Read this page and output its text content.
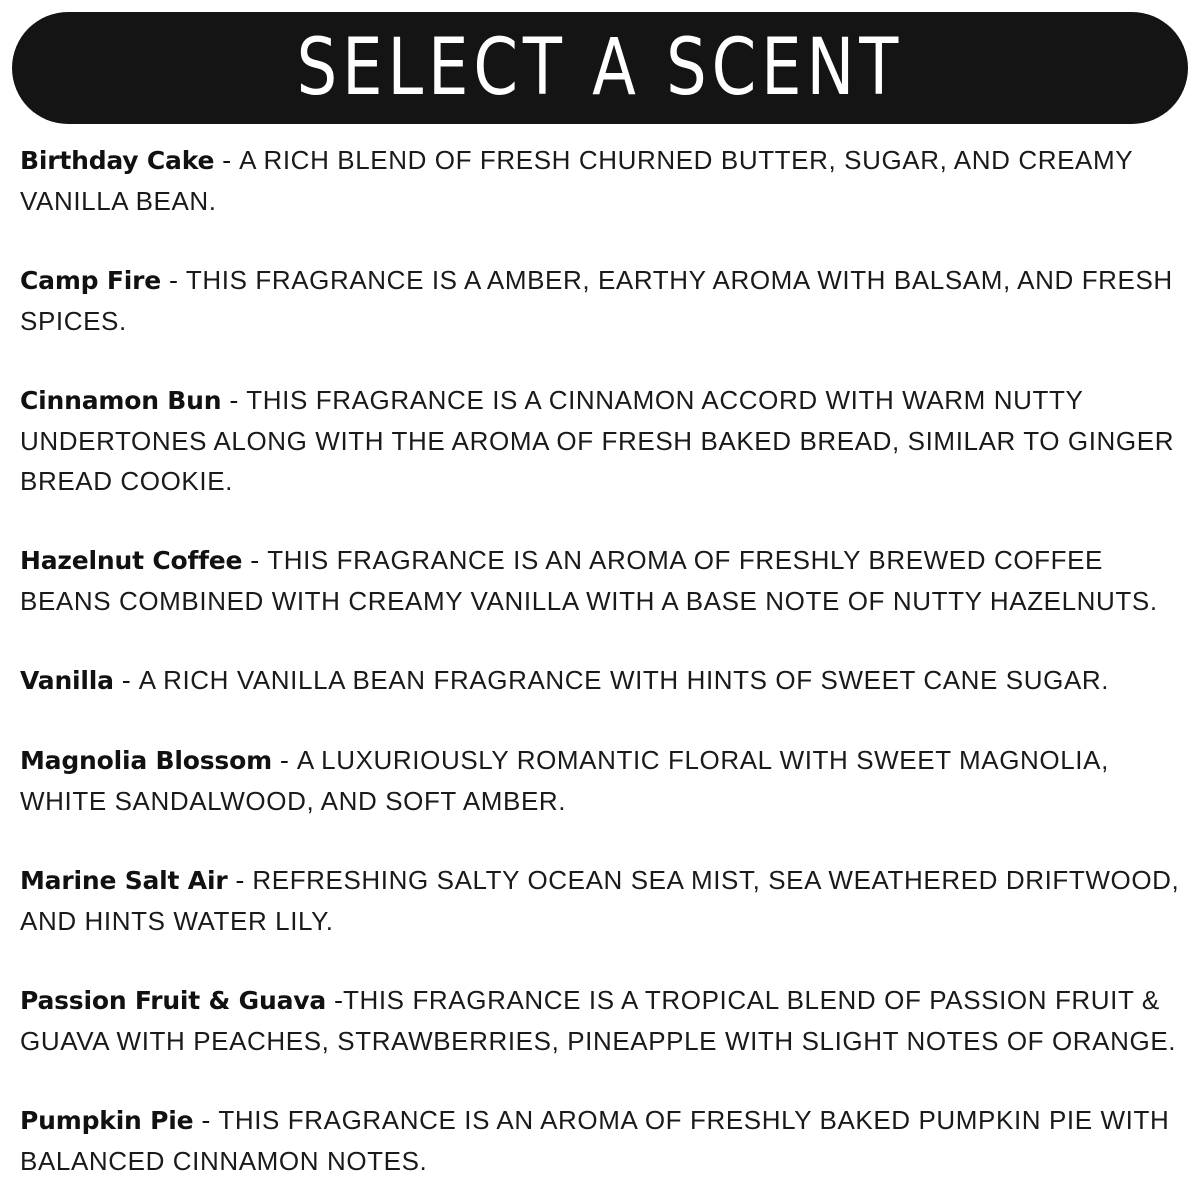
SELECT A SCENT
Birthday Cake - A RICH BLEND OF FRESH CHURNED BUTTER, SUGAR, AND CREAMY VANILLA BEAN.
Camp Fire - THIS FRAGRANCE IS A AMBER, EARTHY AROMA WITH BALSAM, AND FRESH SPICES.
Cinnamon Bun - THIS FRAGRANCE IS A CINNAMON ACCORD WITH WARM NUTTY UNDERTONES ALONG WITH THE AROMA OF FRESH BAKED BREAD, SIMILAR TO GINGER BREAD COOKIE.
Hazelnut Coffee - THIS FRAGRANCE IS AN AROMA OF FRESHLY BREWED COFFEE BEANS COMBINED WITH CREAMY VANILLA WITH A BASE NOTE OF NUTTY HAZELNUTS.
Vanilla - A RICH VANILLA BEAN FRAGRANCE WITH HINTS OF SWEET CANE SUGAR.
Magnolia Blossom - A LUXURIOUSLY ROMANTIC FLORAL WITH SWEET MAGNOLIA, WHITE SANDALWOOD, AND SOFT AMBER.
Marine Salt Air - REFRESHING SALTY OCEAN SEA MIST, SEA WEATHERED DRIFTWOOD, AND HINTS WATER LILY.
Passion Fruit & Guava -THIS FRAGRANCE IS A TROPICAL BLEND OF PASSION FRUIT & GUAVA WITH PEACHES, STRAWBERRIES, PINEAPPLE WITH SLIGHT NOTES OF ORANGE.
Pumpkin Pie - THIS FRAGRANCE IS AN AROMA OF FRESHLY BAKED PUMPKIN PIE WITH BALANCED CINNAMON NOTES.
